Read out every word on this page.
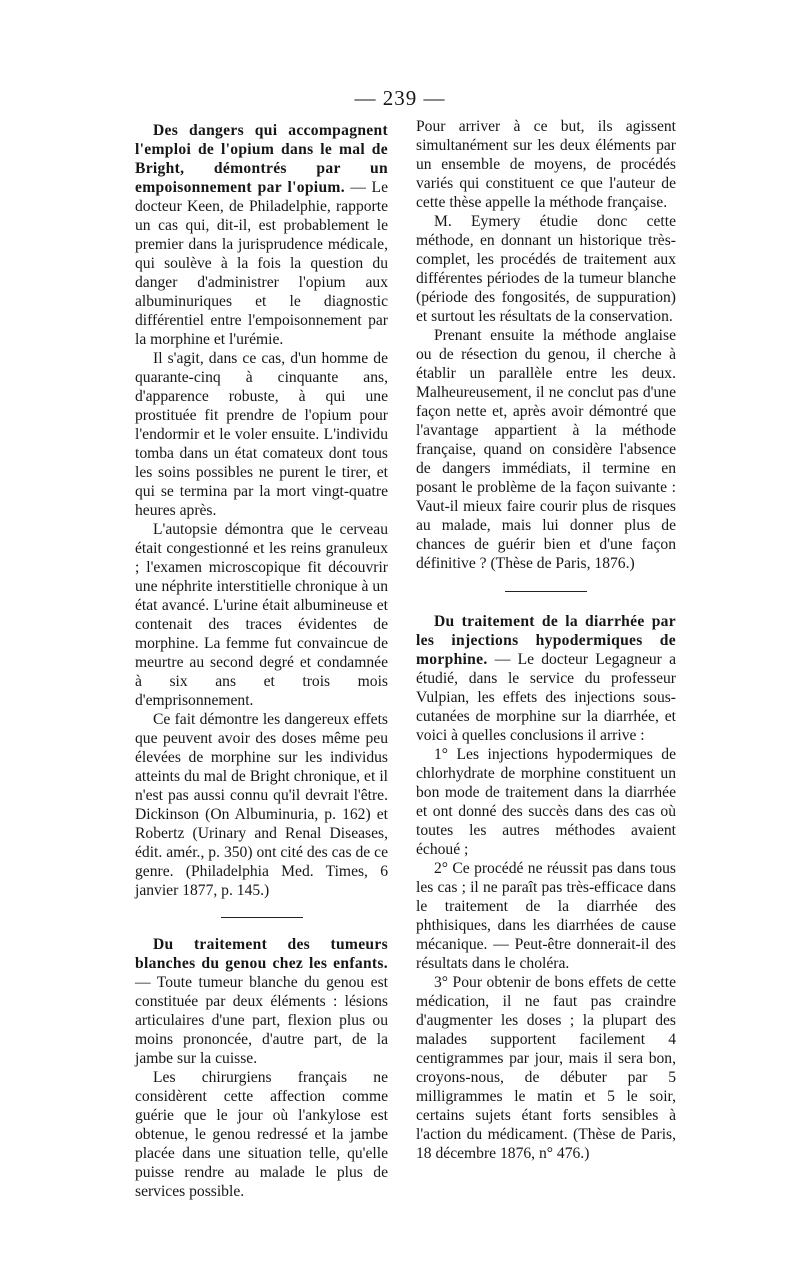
— 239 —

Des dangers qui accompagnent l'emploi de l'opium dans le mal de Bright, démontrés par un empoisonnement par l'opium. — Le docteur Keen, de Philadelphie, rapporte un cas qui, dit-il, est probablement le premier dans la jurisprudence médicale, qui soulève à la fois la question du danger d'administrer l'opium aux albuminuriques et le diagnostic différentiel entre l'empoisonnement par la morphine et l'urémie.

Il s'agit, dans ce cas, d'un homme de quarante-cinq à cinquante ans, d'apparence robuste, à qui une prostituée fit prendre de l'opium pour l'endormir et le voler ensuite. L'individu tomba dans un état comateux dont tous les soins possibles ne purent le tirer, et qui se termina par la mort vingt-quatre heures après.

L'autopsie démontra que le cerveau était congestionné et les reins granuleux ; l'examen microscopique fit découvrir une néphrite interstitielle chronique à un état avancé. L'urine était albumineuse et contenait des traces évidentes de morphine. La femme fut convaincue de meurtre au second degré et condamnée à six ans et trois mois d'emprisonnement.

Ce fait démontre les dangereux effets que peuvent avoir des doses même peu élevées de morphine sur les individus atteints du mal de Bright chronique, et il n'est pas aussi connu qu'il devrait l'être. Dickinson (On Albuminuria, p. 162) et Robertz (Urinary and Renal Diseases, édit. amér., p. 350) ont cité des cas de ce genre. (Philadelphia Med. Times, 6 janvier 1877, p. 145.)

Du traitement des tumeurs blanches du genou chez les enfants. — Toute tumeur blanche du genou est constituée par deux éléments : lésions articulaires d'une part, flexion plus ou moins prononcée, d'autre part, de la jambe sur la cuisse.

Les chirurgiens français ne considèrent cette affection comme guérie que le jour où l'ankylose est obtenue, le genou redressé et la jambe placée dans une situation telle, qu'elle puisse rendre au malade le plus de services possible.

Pour arriver à ce but, ils agissent simultanément sur les deux éléments par un ensemble de moyens, de procédés variés qui constituent ce que l'auteur de cette thèse appelle la méthode française.

M. Eymery étudie donc cette méthode, en donnant un historique très-complet, les procédés de traitement aux différentes périodes de la tumeur blanche (période des fongosités, de suppuration) et surtout les résultats de la conservation.

Prenant ensuite la méthode anglaise ou de résection du genou, il cherche à établir un parallèle entre les deux. Malheureusement, il ne conclut pas d'une façon nette et, après avoir démontré que l'avantage appartient à la méthode française, quand on considère l'absence de dangers immédiats, il termine en posant le problème de la façon suivante : Vaut-il mieux faire courir plus de risques au malade, mais lui donner plus de chances de guérir bien et d'une façon définitive ? (Thèse de Paris, 1876.)

Du traitement de la diarrhée par les injections hypodermiques de morphine. — Le docteur Legagneur a étudié, dans le service du professeur Vulpian, les effets des injections sous-cutanées de morphine sur la diarrhée, et voici à quelles conclusions il arrive :

1° Les injections hypodermiques de chlorhydrate de morphine constituent un bon mode de traitement dans la diarrhée et ont donné des succès dans des cas où toutes les autres méthodes avaient échoué ;

2° Ce procédé ne réussit pas dans tous les cas ; il ne paraît pas très-efficace dans le traitement de la diarrhée des phthisiques, dans les diarrhées de cause mécanique. — Peut-être donnerait-il des résultats dans le choléra.

3° Pour obtenir de bons effets de cette médication, il ne faut pas craindre d'augmenter les doses ; la plupart des malades supportent facilement 4 centigrammes par jour, mais il sera bon, croyons-nous, de débuter par 5 milligrammes le matin et 5 le soir, certains sujets étant forts sensibles à l'action du médicament. (Thèse de Paris, 18 décembre 1876, n° 476.)
